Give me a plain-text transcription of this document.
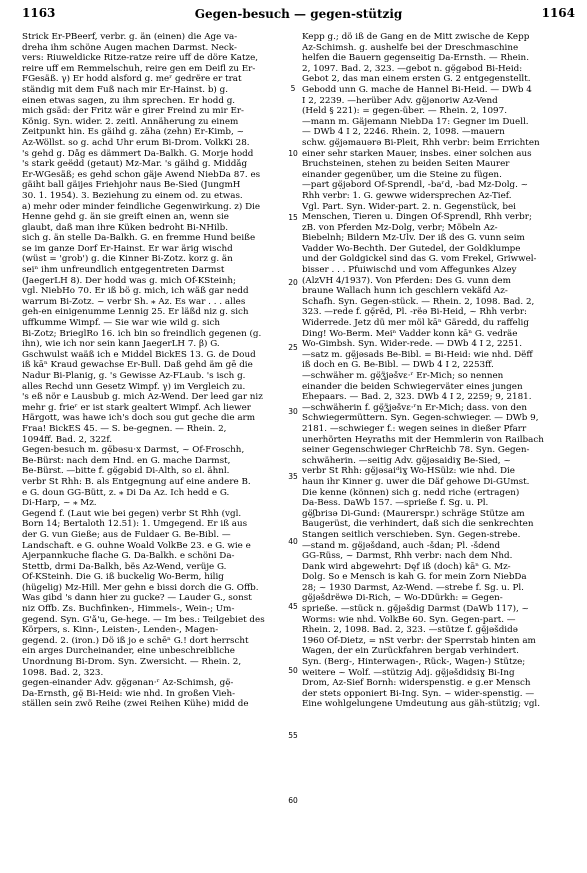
1163	Gegen-besuch — gegen-stützig	1164
Strick Er-PBeerf, verbr. g. än (einen) die Äge va-
dreha ihm schöne Augen machen Darmst. Neck-
vers: Riuweldicke Ritze-ratze reire uff de döre Katze,
reire uff em Remmelschuh, reire gen em Deifl zu Er-
FGesäß. γ) Er hodd alsford g. meʳ gedrëre er trat
ständig mit dem Fuß nach mir Er-Hainst. b) g.
einen etwas sagen, zu ihm sprechen. Er hodd g.
mich gsäd: der Fritz wär e girer Freind zu mir Er-
König. Syn. wider. 2. zeitl. Annäherung zu einem
Zeitpunkt hin. Es gäihd g. zäha (zehn) Er-Kimb, ~
Az-Wöllst. so g. achd Uhr erum Bi-Drom. VolkKi 28.
's gehd g. Dåg es dämmert Da-Balkh. G. Morje hodd
's stark geëdd (getaut) Mz-Mar. 's gäihd g. Middåg
Er-WGesäß; es gehd schon gäje Awend NiebDa 87. es
gäiht ball gäijes Friehjohr naus Be-Sied (JungmH
30. 1. 1954). 3. Beziehung zu einem od. zu etwas.
a) mehr oder minder feindliche Gegenwirkung. z) Die
Henne gehd g. än sie greift einen an, wenn sie
glaubt, daß man ihre Küken bedroht Bi-NHilb.
sich g. än stelle Da-Balkh. G. en fremme Hund beiße
se im ganze Dorf Er-Hainst. Er war ärig wischd
(wüst = 'grob') g. die Kinner Bi-Zotz. korz g. än
seiⁿ ihm unfreundlich entgegentreten Darmst
(JaegerLH 8). Der hodd was g. mich Of-KSteinh;
vgl. NiebHo 70. Er iß bö g. mich, ich wäß gar nedd
warrum Bi-Zotz. ~ verbr Sh. ⁎ Az. Es war . . . alles
geh-en einigenumme Lennig 25. Er läßd niz g. sich
uffkumme Wimpf. — Sie war wie wild g. sich
Bi-Zotz; BrieglRo 16. ich bin so freindlich gegenen (g.
ihn), wie ich nor sein kann JaegerLH 7. β) G.
Gschwulst waäß ich e Middel BickES 13. G. de Doud
iß kāⁿ Kraud gewachse Er-Bull. Daß gehd äm gē die
Nadur Bi-Planig, g. 's Gewisse Az-FLaub. 's isch g.
alles Rechd unn Gesetz Wimpf. γ) im Vergleich zu.
's eß nör e Lausbub g. mich Az-Wend. Der leed gar niz
mehr g. frieʳ er ist stark gealtert Wimpf. Ach liewer
Härgott, was hawe ich's doch sou gut geche die arm
Fraa! BickES 45. — S. be-gegnen. — Rhein. 2,
1094ff. Bad. 2, 322f.
Gegen-besuch m. gẹ̈bəsu·x Darmst, ~ Of-Froschh,
Be-Bürst: nach dem Hnd. en G. mache Darmst,
Be-Bürst. —bitte f. gẹ̈gəbid Di-Alth, so ɛl. ähnl.
verbr St Rhh: B. als Entgegnung auf eine andere B.
e G. doun GG-Bütt, z. ⁎ Di Da Az. Ich hedd e G.
Di-Harp, ~ ⁎ Mz.
Gegend f. (Laut wie bei gegen) verbr St Rhh (vgl.
Born 14; Bertaloth 12.51): 1. Umgegend. Er iß aus
der G. vun Gieße; aus de Fuldaer G. Be-Bibl. —
Landschaft. e G. ouhne Woald VolkBe 23. e G. wie e
Äjerpannkuche flache G. Da-Balkh. e schöni Da-
Stettb, drmi Da-Balkh, bës Az-Wend, verüje G.
Of-KSteinh. Die G. iß buckelig Wo-Berm, hilig
(hügelig) Mz-Hill. Mer gehn e bissi dorch die G. Offb.
Was gibd 's dann hier zu gucke? — Lauder G., sonst
niz Offb. Zs. Buchfinken-, Himmels-, Wein-; Um-
gegend. Syn. G'å'u, Ge-hege. — Im bes.: Teilgebiet des
Körpers, s. Kinn-, Leisten-, Lenden-, Magen-
gegend. 2. (iron.) Dö iß jo e schēⁿ G.! dort herrscht
ein arges Durcheinander, eine unbeschreibliche
Unordnung Bi-Drom. Syn. Zwersicht. — Rhein. 2,
1098. Bad. 2, 323.
gegen-einander Adv. gẹ̈gənan·ʳ Az-Schimsh, gẹ̈-
Da-Ernsth, gẹ̈ Bi-Heid: wie nhd. In großen Vieh-
ställen sein zwö Reihe (zwei Reihen Kühe) midd de
5
10
15
20
25
30
35
40
45
50
55
60
Kepp g.; dö iß de Gang en de Mitt zwische de Kepp
Az-Schimsh. g. aushelfe bei der Dreschmaschine
helfen die Bauern gegenseitig Da-Ernsth. — Rhein.
2, 1097. Bad. 2, 323. —gebot n. gẹ̈gəbod Bi-Heid:
Gebot 2, das man einem ersten G. 2 entgegenstellt.
Gebodd unn G. mache de Hannel Bi-Heid. — DWb 4
I 2, 2239. —herüber Adv. gẹ̈jənoriw Az-Vend
(Held § 221): = gegen-über. — Rhein. 2, 1097.
—mann m. Gäjemann NiebDa 17: Gegner im Duell.
— DWb 4 I 2, 2246. Rhein. 2, 1098. —mauern
schw. gẹ̈jəmauərə Bi-Pleit, Rhh verbr: beim Errichten
einer sehr starken Mauer, insbes. einer solchen aus
Bruchsteinen, stehen zu beiden Seiten Maurer
einander gegenüber, um die Steine zu fügen.
—part gẹ̈jəbord Of-Sprendl, -baʳd, -bad Mz-Dolg. ~
Rhh verbr: 1. G. gewwe widersprechen Az-Tief.
Vgl. Part. Syn. Wider-part. 2. n. Gegenstück, bei
Menschen, Tieren u. Dingen Of-Sprendl, Rhh verbr;
zB. von Pferden Mz-Dolg, verbr; Möbeln Az-
Biebelnh; Bildern Mz-Ülv. Der iß des G. vunn seim
Vadder Wo-Bechth. Der Gutedel, der Goldklumpe
und der Goldgickel sind das G. vom Frekel, Griwwel-
bisser . . . Pfuiwischd und vom Affegunkes Alzey
(AlzVH 4/1937). Von Pferden: Des G. vunn dem
braune Wallach hunn ich geschlern vekäfd Az-
Schafh. Syn. Gegen-stück. — Rhein. 2, 1098. Bad. 2,
323. —rede f. gẹ̈rëd, Pl. -rëə Bi-Heid, ~ Rhh verbr:
Widerrede. Jetz dü mer möl kāⁿ Gäredd, du raffelig
Ding! Wo-Berm. Meiⁿ Vadder konn kāⁿ G. vedräe
Wo-Gimbsh. Syn. Wider-rede. — DWb 4 I 2, 2251.
—satz m. gẹ̈jəsads Be-Bibl. = Bi-Heid: wie nhd. Dëff
iß doch en G. Be-Bibl. — DWb 4 I 2, 2253ff.
—schwäher m. gẹ̈ʒ̈jəšvɛ·ʳ Er-Mich; so nennen
einander die beiden Schwiegerväter eines jungen
Ehepaars. — Bad. 2, 323. DWb 4 I 2, 2259; 9, 2181.
—schwäherin f. gẹ̈ʒ̈jəšvɛ·ʳn Er-Mich; dass. von den
Schwiegermüttern. Syn. Gegen-schwieger. — DWb 9,
2181. —schwieger f.: wegen seines in dießer Pfarr
unerhörten Heyraths mit der Hemmlerin von Railbach
seiner Gegenschwieger ChrReichb 78. Syn. Gegen-
schwäherin. —seitig Adv. gẹ̈jəsaidiɣ Be-Sied, ~
verbr St Rhh: gẹ̈jəsaiᵈiɣ Wo-HSülz: wie nhd. Die
haun ihr Kinner g. uwer die Däf gehowe Di-GUmst.
Die kenne (können) sich g. nedd riche (ertragen)
Da-Bess. DaWb 157. —spriеße f. Sg. u. Pl.
gẹ̈ʃbriзә Di-Gund: (Maurerspr.) schräge Stütze am
Baugerüst, die verhindert, daß sich die senkrechten
Stangen seitlich verschieben. Syn. Gegen-strebe.
—stand m. gẹ̈jəšdand, auch -šdan; Pl. -šdend
GG-Rüss, ~ Darmst, Rhh verbr: nach dem Nhd.
Dank wird abgewehrt: Dęf iß (doch) kāⁿ G. Mz-
Dolg. So e Mensch is kah G. for mein Zorn NiebDa
28; ~ 1930 Darmst, Az-Wend. —strebe f. Sg. u. Pl.
gẹ̈jəšdrëwə Di-Rich, ~ Wo-DDürkh: = Gegen-
spriеße. —stück n. gẹ̈jəšdig Darmst (DaWb 117), ~
Worms: wie nhd. VolkBe 60. Syn. Gegen-part. —
Rhein. 2, 1098. Bad. 2, 323. —stütze f. gẹ̈jəšdidə
1960 Of-Dietz, = nSt verbr: der Sperrstab hinten am
Wagen, der ein Zurückfahren bergab verhindert.
Syn. (Berg-, Hinterwagen-, Rück-, Wagen-) Stütze;
weitere ~ Wolf. —stützig Adj. gẹ̈jəšdidsiɣ Bi-Ing
Drom, Az-Sief Bornh: widerspenstig. e g.er Mensch
der stets opponiert Bi-Ing. Syn. ~ wider-spenstig. —
Eine wohlgelungene Umdeutung aus gäh-stützig; vgl.
